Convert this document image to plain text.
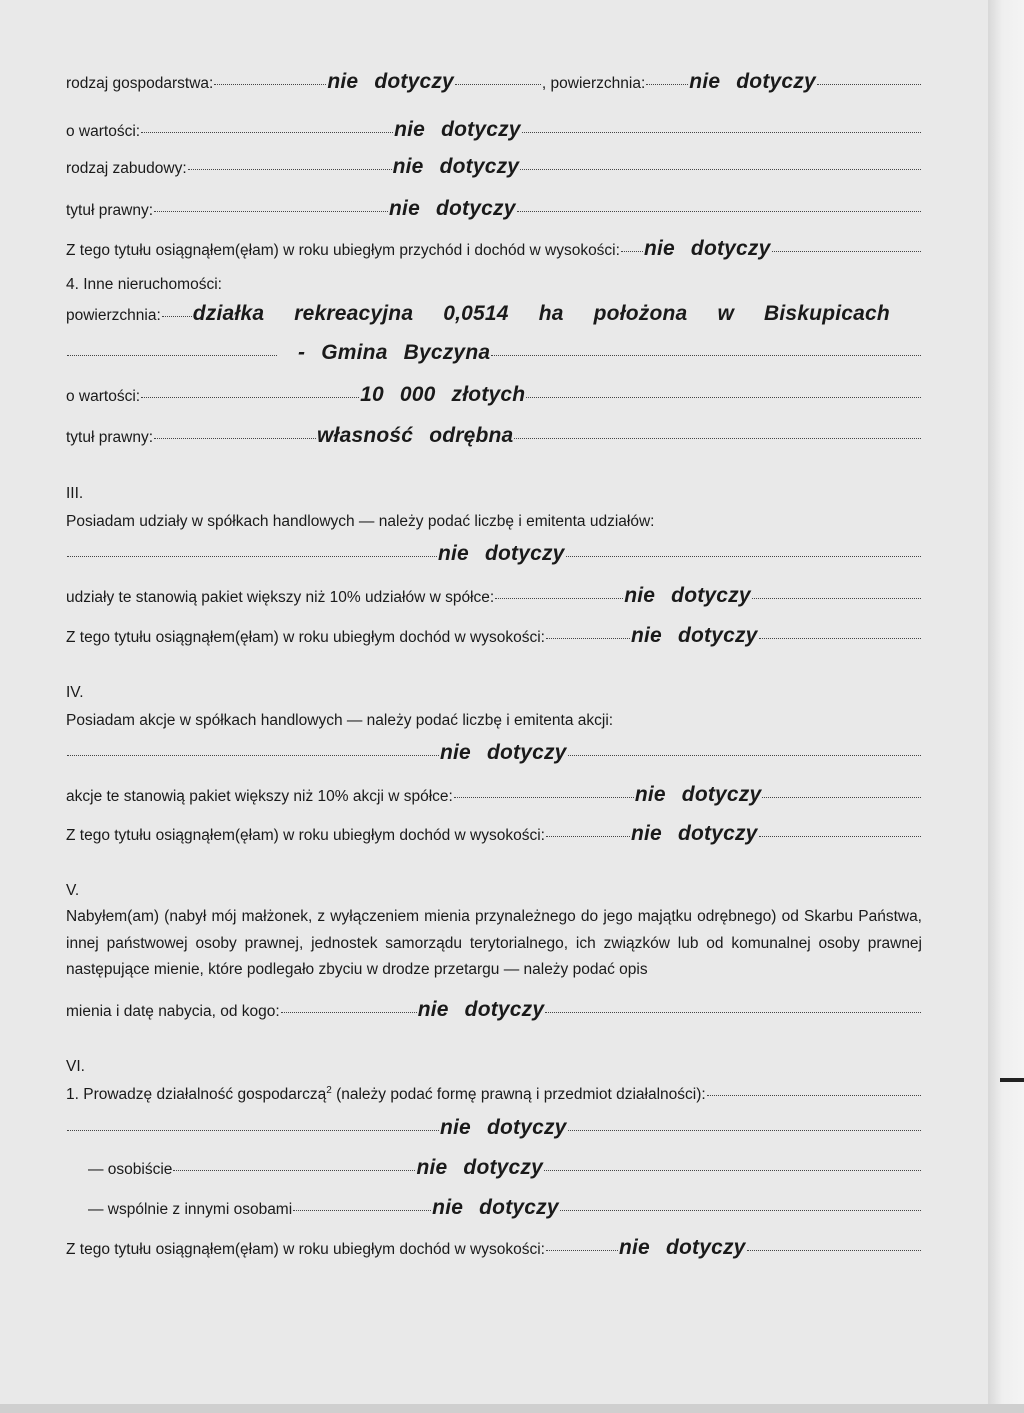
rodzaj gospodarstwa:	nie dotyczy	, powierzchnia: nie dotyczy
o wartości:	nie dotyczy
rodzaj zabudowy:	nie dotyczy
tytuł prawny:	nie dotyczy
Z tego tytułu osiągnąłem(ęłam) w roku ubiegłym przychód i dochód w wysokości: nie dotyczy
4. Inne nieruchomości:
powierzchnia: działka rekreacyjna 0,0514 ha położona w Biskupicach
- Gmina Byczyna
o wartości:	10 000 złotych
tytuł prawny:	własność odrębna
III.
Posiadam udziały w spółkach handlowych — należy podać liczbę i emitenta udziałów:
nie dotyczy
udziały te stanowią pakiet większy niż 10% udziałów w spółce:	nie dotyczy
Z tego tytułu osiągnąłem(ęłam) w roku ubiegłym dochód w wysokości:	nie dotyczy
IV.
Posiadam akcje w spółkach handlowych — należy podać liczbę i emitenta akcji:
nie dotyczy
akcje te stanowią pakiet większy niż 10% akcji w spółce:	nie dotyczy
Z tego tytułu osiągnąłem(ęłam) w roku ubiegłym dochód w wysokości:	nie dotyczy
V.
Nabyłem(am) (nabył mój małżonek, z wyłączeniem mienia przynależnego do jego majątku odrębnego) od Skarbu Państwa, innej państwowej osoby prawnej, jednostek samorządu terytorialnego, ich związków lub od komunalnej osoby prawnej następujące mienie, które podlegało zbyciu w drodze przetargu — należy podać opis
mienia i datę nabycia, od kogo:	nie dotyczy
VI.
1. Prowadzę działalność gospodarczą$^2$ (należy podać formę prawną i przedmiot działalności):
nie dotyczy
— osobiście	nie dotyczy
— wspólnie z innymi osobami	nie dotyczy
Z tego tytułu osiągnąłem(ęłam) w roku ubiegłym dochód w wysokości:	nie dotyczy
